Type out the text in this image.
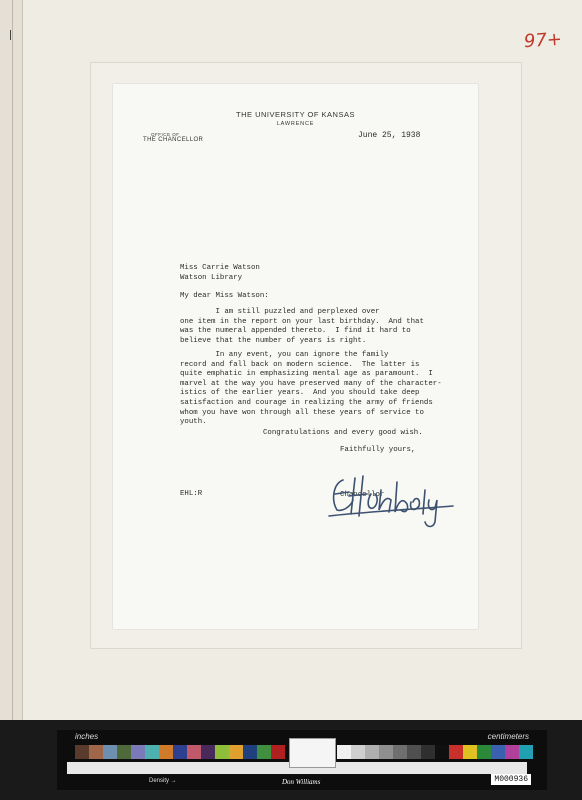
97+
THE UNIVERSITY OF KANSAS
LAWRENCE
OFFICE OF
THE CHANCELLOR	June 25, 1938
Miss Carrie Watson
Watson Library
My dear Miss Watson:
I am still puzzled and perplexed over
one item in the report on your last birthday.  And that
was the numeral appended thereto.  I find it hard to
believe that the number of years is right.
In any event, you can ignore the family
record and fall back on modern science.  The latter is
quite emphatic in emphasizing mental age as paramount.  I
marvel at the way you have preserved many of the character-
istics of the earlier years.  And you should take deep
satisfaction and courage in realizing the army of friends
whom you have won through all these years of service to
youth.
Congratulations and every good wish.
Faithfully yours,
Chancellor
EHL:R
inches	centimeters
Density →	Don Williams	M000936
